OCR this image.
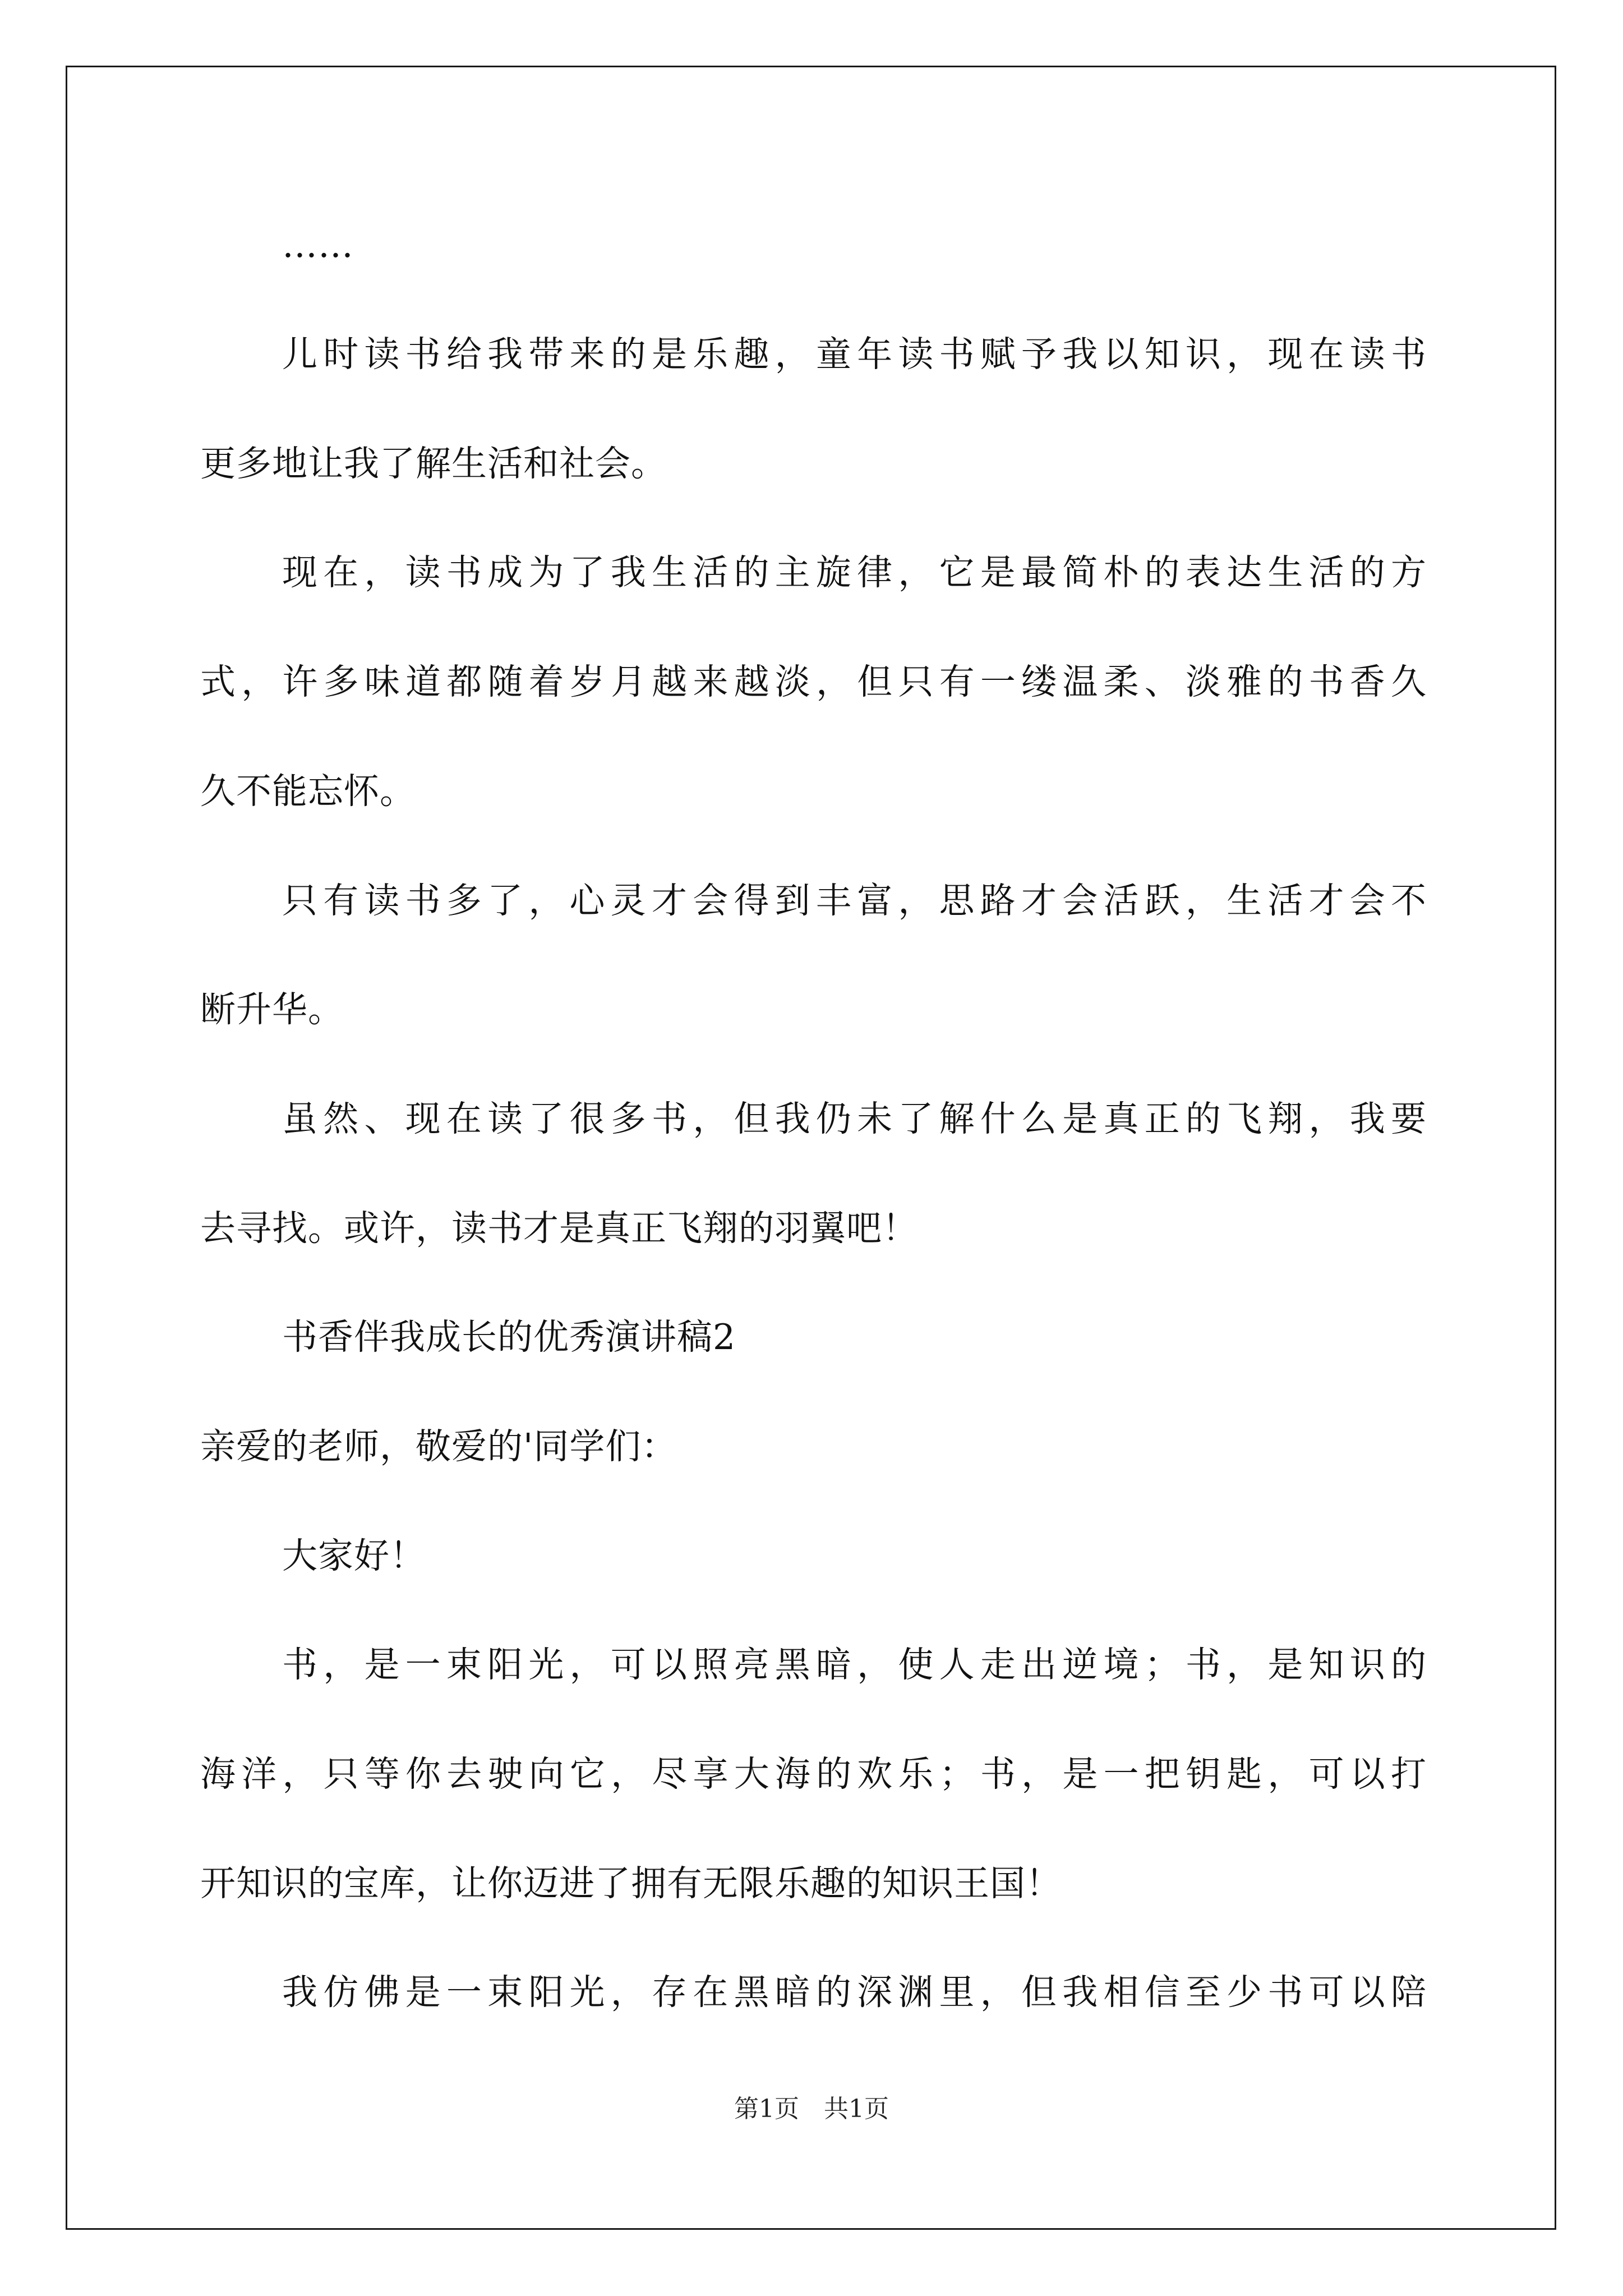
……
儿时读书给我带来的是乐趣，童年读书赋予我以知识，现在读书
更多地让我了解生活和社会。
现在，读书成为了我生活的主旋律，它是最简朴的表达生活的方
式，许多味道都随着岁月越来越淡，但只有一缕温柔、淡雅的书香久
久不能忘怀。
只有读书多了，心灵才会得到丰富，思路才会活跃，生活才会不
断升华。
虽然、现在读了很多书，但我仍未了解什么是真正的飞翔，我要
去寻找。或许，读书才是真正飞翔的羽翼吧！
书香伴我成长的优秀演讲稿2
亲爱的老师，敬爱的'同学们：
大家好！
书，是一束阳光，可以照亮黑暗，使人走出逆境；书，是知识的
海洋，只等你去驶向它，尽享大海的欢乐；书，是一把钥匙，可以打
开知识的宝库，让你迈进了拥有无限乐趣的知识王国！
我仿佛是一束阳光，存在黑暗的深渊里，但我相信至少书可以陪
第1页　共1页
